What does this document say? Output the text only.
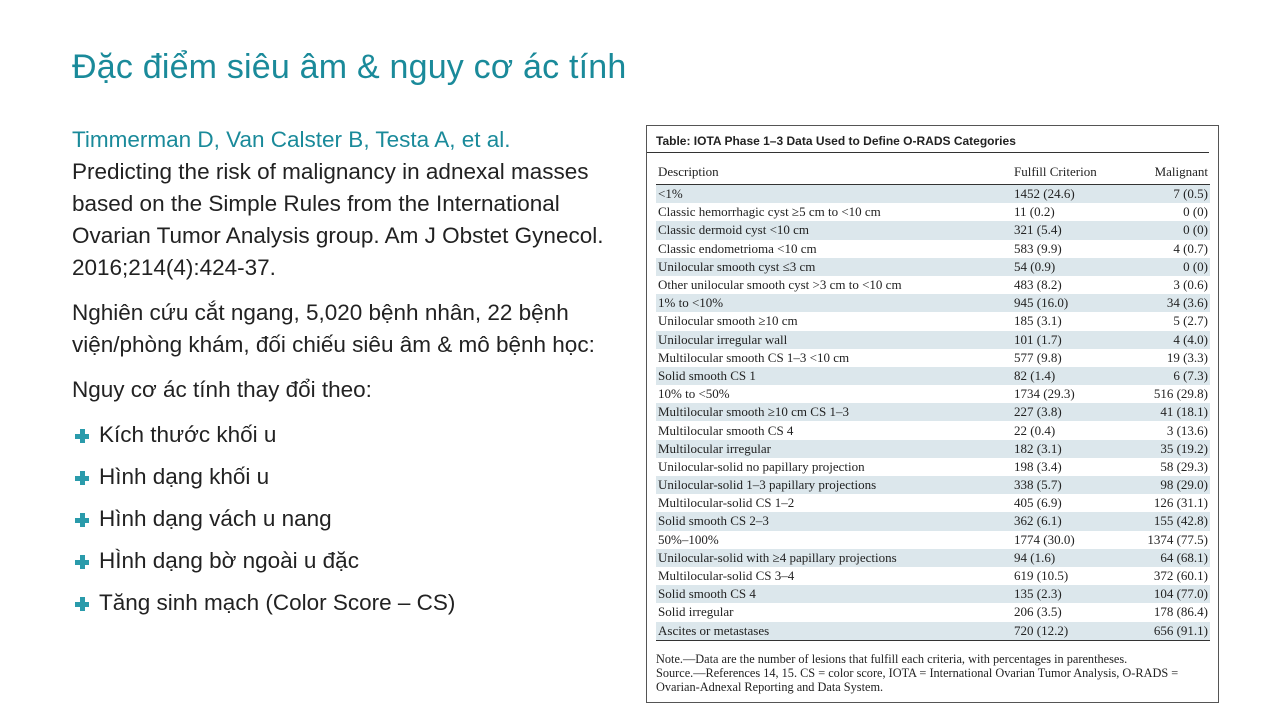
Đặc điểm siêu âm & nguy cơ ác tính

Timmerman D, Van Calster B, Testa A, et al.
Predicting the risk of malignancy in adnexal masses based on the Simple Rules from the International Ovarian Tumor Analysis group. Am J Obstet Gynecol. 2016;214(4):424-37.

Nghiên cứu cắt ngang, 5,020 bệnh nhân, 22 bệnh viện/phòng khám, đối chiếu siêu âm & mô bệnh học:

Nguy cơ ác tính thay đổi theo:

Kích thước khối u
Hình dạng khối u
Hình dạng vách u nang
HÌnh dạng bờ ngoài u đặc
Tăng sinh mạch (Color Score – CS)
Table: IOTA Phase 1–3 Data Used to Define O-RADS Categories
Description	Fulfill Criterion	Malignant
<1%	1452 (24.6)	7 (0.5)
Classic hemorrhagic cyst ≥5 cm to <10 cm	11 (0.2)	0 (0)
Classic dermoid cyst <10 cm	321 (5.4)	0 (0)
Classic endometrioma <10 cm	583 (9.9)	4 (0.7)
Unilocular smooth cyst ≤3 cm	54 (0.9)	0 (0)
Other unilocular smooth cyst >3 cm to <10 cm	483 (8.2)	3 (0.6)
1% to <10%	945 (16.0)	34 (3.6)
Unilocular smooth ≥10 cm	185 (3.1)	5 (2.7)
Unilocular irregular wall	101 (1.7)	4 (4.0)
Multilocular smooth CS 1–3 <10 cm	577 (9.8)	19 (3.3)
Solid smooth CS 1	82 (1.4)	6 (7.3)
10% to <50%	1734 (29.3)	516 (29.8)
Multilocular smooth ≥10 cm CS 1–3	227 (3.8)	41 (18.1)
Multilocular smooth CS 4	22 (0.4)	3 (13.6)
Multilocular irregular	182 (3.1)	35 (19.2)
Unilocular-solid no papillary projection	198 (3.4)	58 (29.3)
Unilocular-solid 1–3 papillary projections	338 (5.7)	98 (29.0)
Multilocular-solid CS 1–2	405 (6.9)	126 (31.1)
Solid smooth CS 2–3	362 (6.1)	155 (42.8)
50%–100%	1774 (30.0)	1374 (77.5)
Unilocular-solid with ≥4 papillary projections	94 (1.6)	64 (68.1)
Multilocular-solid CS 3–4	619 (10.5)	372 (60.1)
Solid smooth CS 4	135 (2.3)	104 (77.0)
Solid irregular	206 (3.5)	178 (86.4)
Ascites or metastases	720 (12.2)	656 (91.1)
Note.—Data are the number of lesions that fulfill each criteria, with percentages in parentheses.
Source.—References 14, 15. CS = color score, IOTA = International Ovarian Tumor Analysis, O-RADS = Ovarian-Adnexal Reporting and Data System.
